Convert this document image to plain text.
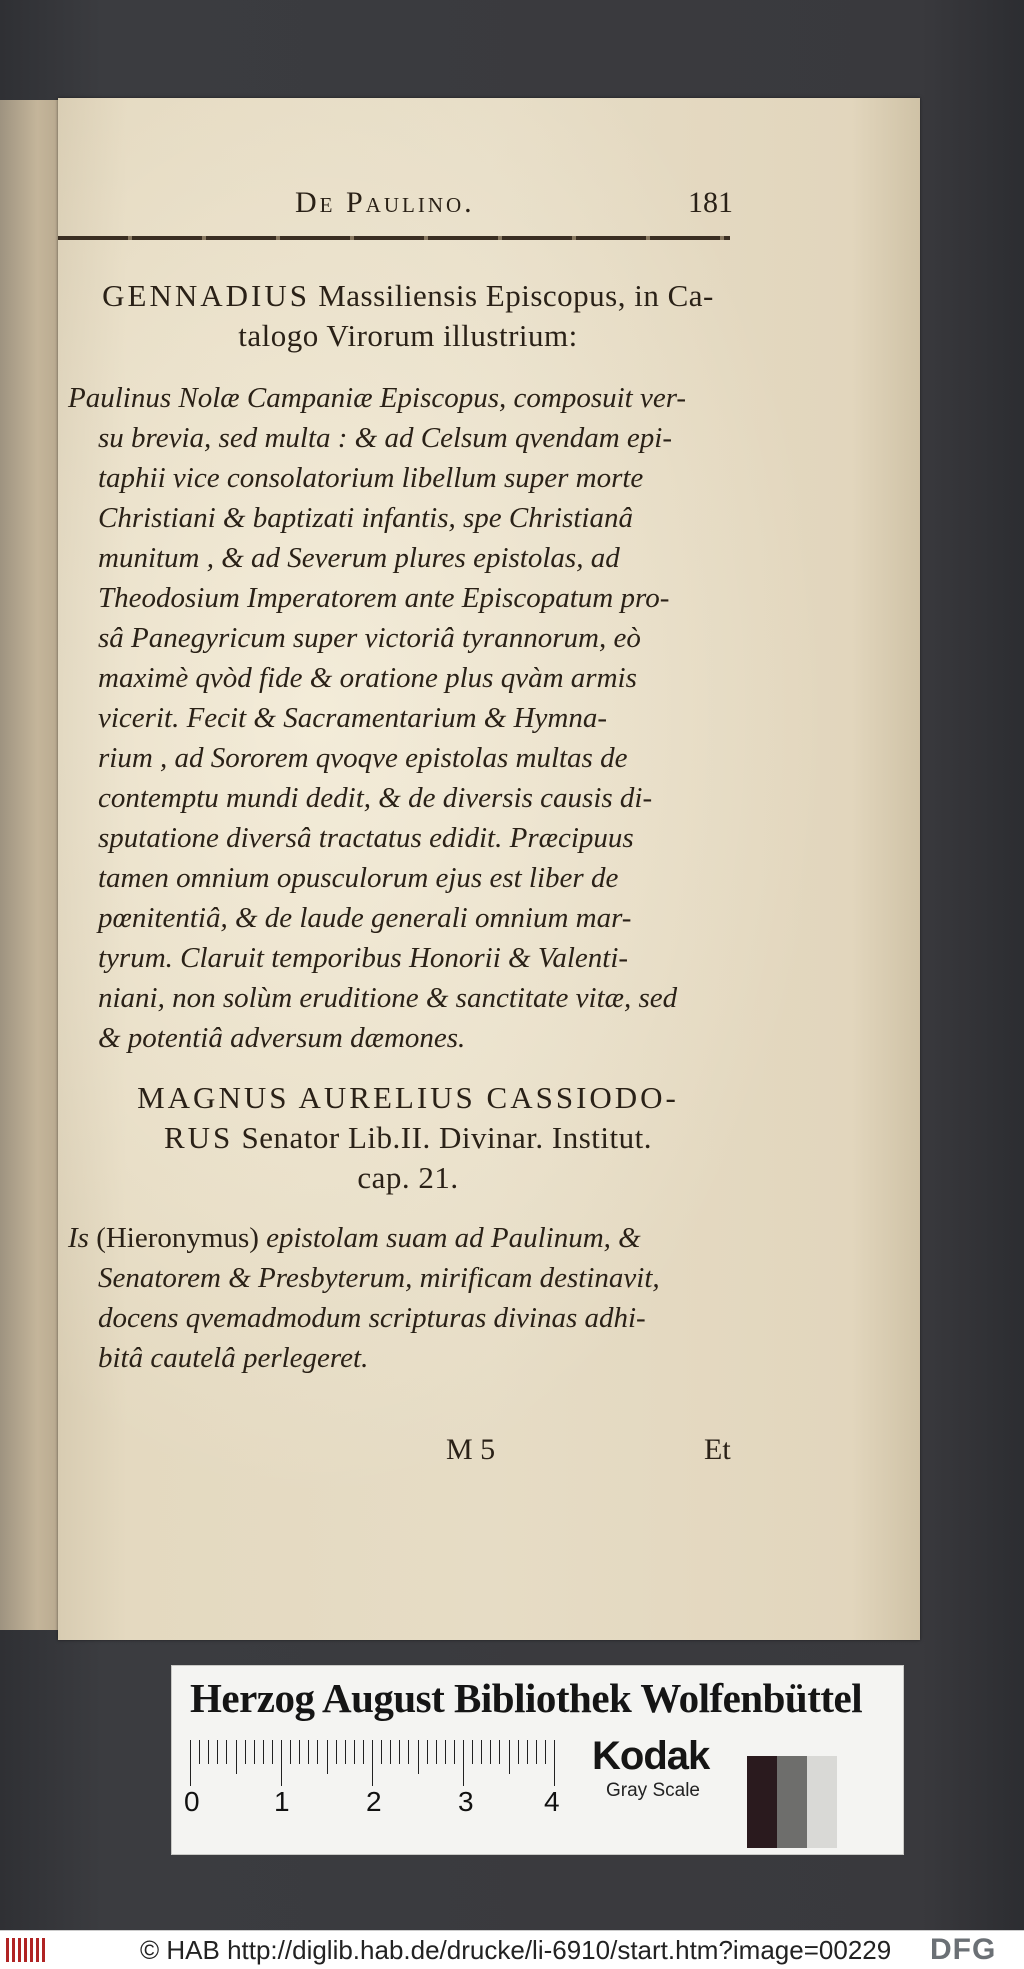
De Paulino.	181
GENNADIUS Massiliensis Episcopus, in Ca-
talogo Virorum illustrium:
Paulinus Nolæ Campaniæ Episcopus, composuit ver-
su brevia, sed multa : & ad Celsum qvendam epi-
taphii vice consolatorium libellum super morte
Christiani & baptizati infantis, spe Christianâ
munitum , & ad Severum plures epistolas, ad
Theodosium Imperatorem ante Episcopatum pro-
sâ Panegyricum super victoriâ tyrannorum, eò
maximè qvòd fide & oratione plus qvàm armis
vicerit. Fecit & Sacramentarium & Hymna-
rium , ad Sororem qvoqve epistolas multas de
contemptu mundi dedit, & de diversis causis di-
sputatione diversâ tractatus edidit. Præcipuus
tamen omnium opusculorum ejus est liber de
pœnitentiâ, & de laude generali omnium mar-
tyrum. Claruit temporibus Honorii & Valenti-
niani, non solùm eruditione & sanctitate vitæ, sed
& potentiâ adversum dæmones.
MAGNUS AURELIUS CASSIODO-
RUS Senator Lib.II. Divinar. Institut.
cap. 21.
Is (Hieronymus) epistolam suam ad Paulinum, &
Senatorem & Presbyterum, mirificam destinavit,
docens qvemadmodum scripturas divinas adhi-
bitâ cautelâ perlegeret.
M 5	Et
Herzog August Bibliothek Wolfenbüttel
0	1	2	3	4
Kodak
Gray Scale
© HAB http://diglib.hab.de/drucke/li-6910/start.htm?image=00229 DFG
